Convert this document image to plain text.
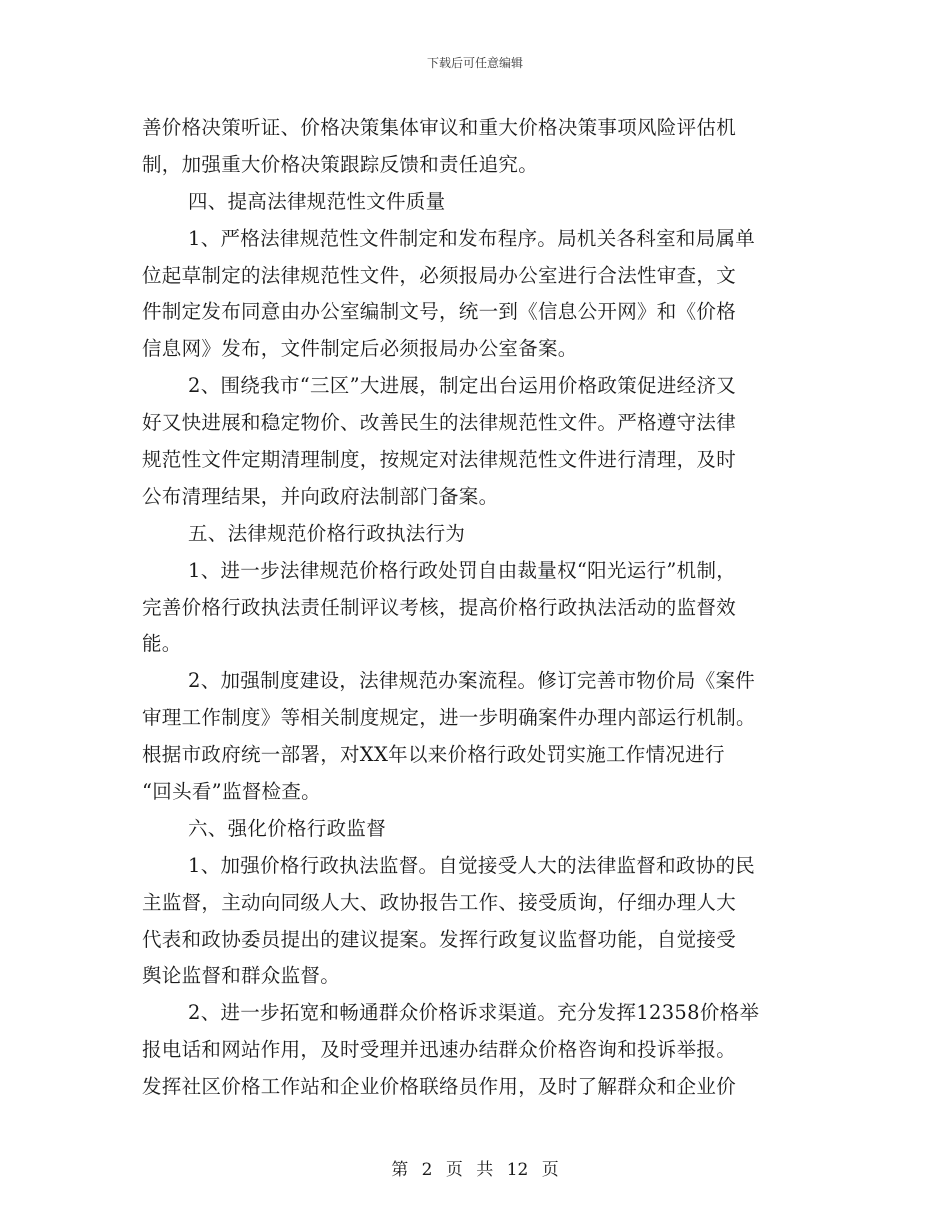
下载后可任意编辑
善价格决策听证、价格决策集体审议和重大价格决策事项风险评估机
制，加强重大价格决策跟踪反馈和责任追究。
四、提高法律规范性文件质量
1、严格法律规范性文件制定和发布程序。局机关各科室和局属单
位起草制定的法律规范性文件，必须报局办公室进行合法性审查，文
件制定发布同意由办公室编制文号，统一到《信息公开网》和《价格
信息网》发布，文件制定后必须报局办公室备案。
2、围绕我市“三区”大进展，制定出台运用价格政策促进经济又
好又快进展和稳定物价、改善民生的法律规范性文件。严格遵守法律
规范性文件定期清理制度，按规定对法律规范性文件进行清理，及时
公布清理结果，并向政府法制部门备案。
五、法律规范价格行政执法行为
1、进一步法律规范价格行政处罚自由裁量权“阳光运行”机制，
完善价格行政执法责任制评议考核，提高价格行政执法活动的监督效
能。
2、加强制度建设，法律规范办案流程。修订完善市物价局《案件
审理工作制度》等相关制度规定，进一步明确案件办理内部运行机制。
根据市政府统一部署，对XX年以来价格行政处罚实施工作情况进行
“回头看”监督检查。
六、强化价格行政监督
1、加强价格行政执法监督。自觉接受人大的法律监督和政协的民
主监督，主动向同级人大、政协报告工作、接受质询，仔细办理人大
代表和政协委员提出的建议提案。发挥行政复议监督功能，自觉接受
舆论监督和群众监督。
2、进一步拓宽和畅通群众价格诉求渠道。充分发挥12358价格举
报电话和网站作用，及时受理并迅速办结群众价格咨询和投诉举报。
发挥社区价格工作站和企业价格联络员作用，及时了解群众和企业价
第 2 页 共 12 页
